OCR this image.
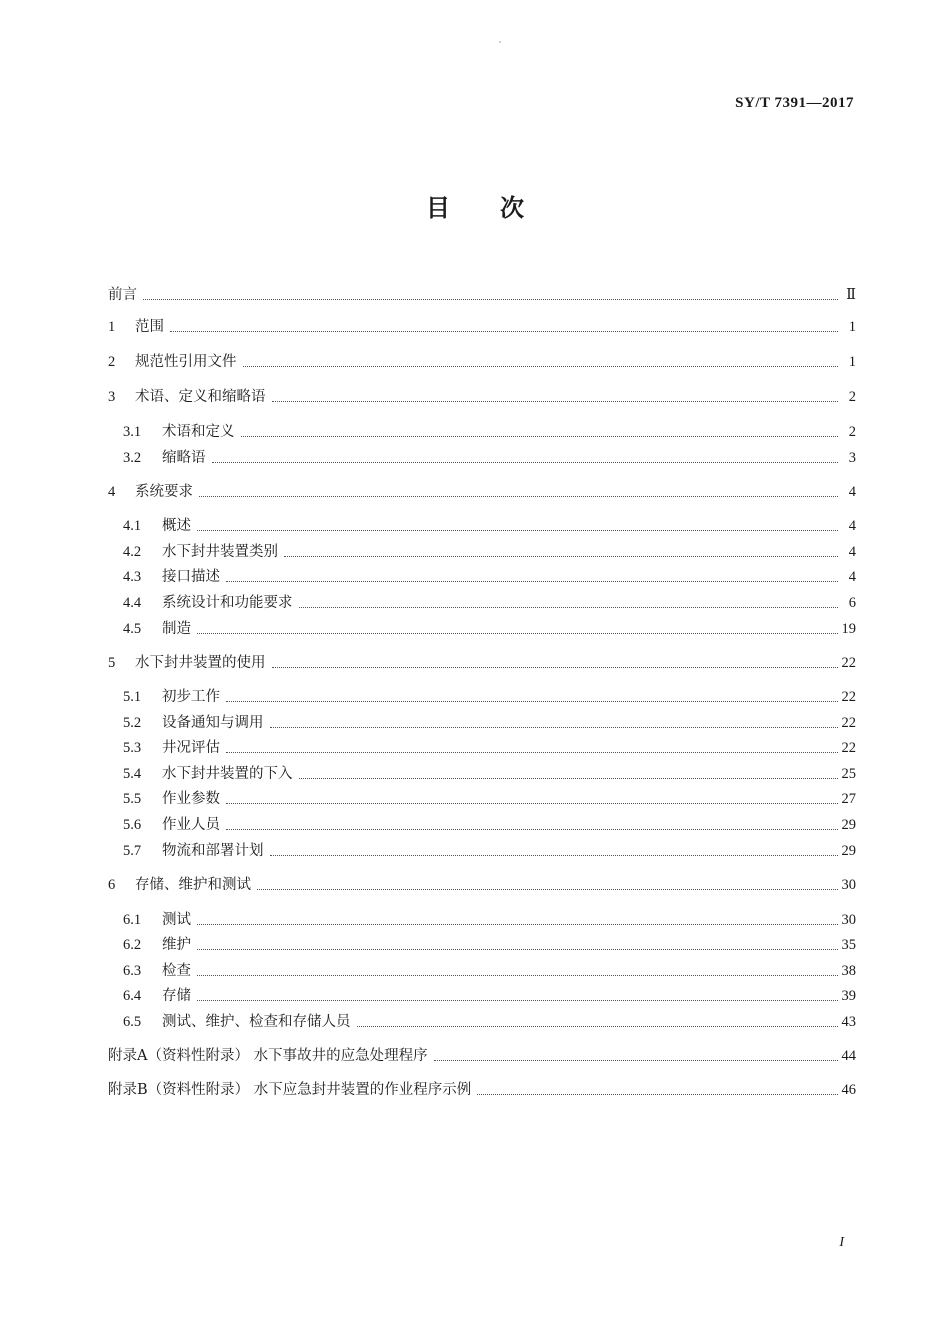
SY/T 7391—2017
目次
前言	Ⅱ
1	范围	1
2	规范性引用文件	1
3	术语、定义和缩略语	2
3.1	术语和定义	2
3.2	缩略语	3
4	系统要求	4
4.1	概述	4
4.2	水下封井装置类别	4
4.3	接口描述	4
4.4	系统设计和功能要求	6
4.5	制造	19
5	水下封井装置的使用	22
5.1	初步工作	22
5.2	设备通知与调用	22
5.3	井况评估	22
5.4	水下封井装置的下入	25
5.5	作业参数	27
5.6	作业人员	29
5.7	物流和部署计划	29
6	存储、维护和测试	30
6.1	测试	30
6.2	维护	35
6.3	检查	38
6.4	存储	39
6.5	测试、维护、检查和存储人员	43
附录A（资料性附录） 水下事故井的应急处理程序	44
附录B（资料性附录） 水下应急封井装置的作业程序示例	46
I
